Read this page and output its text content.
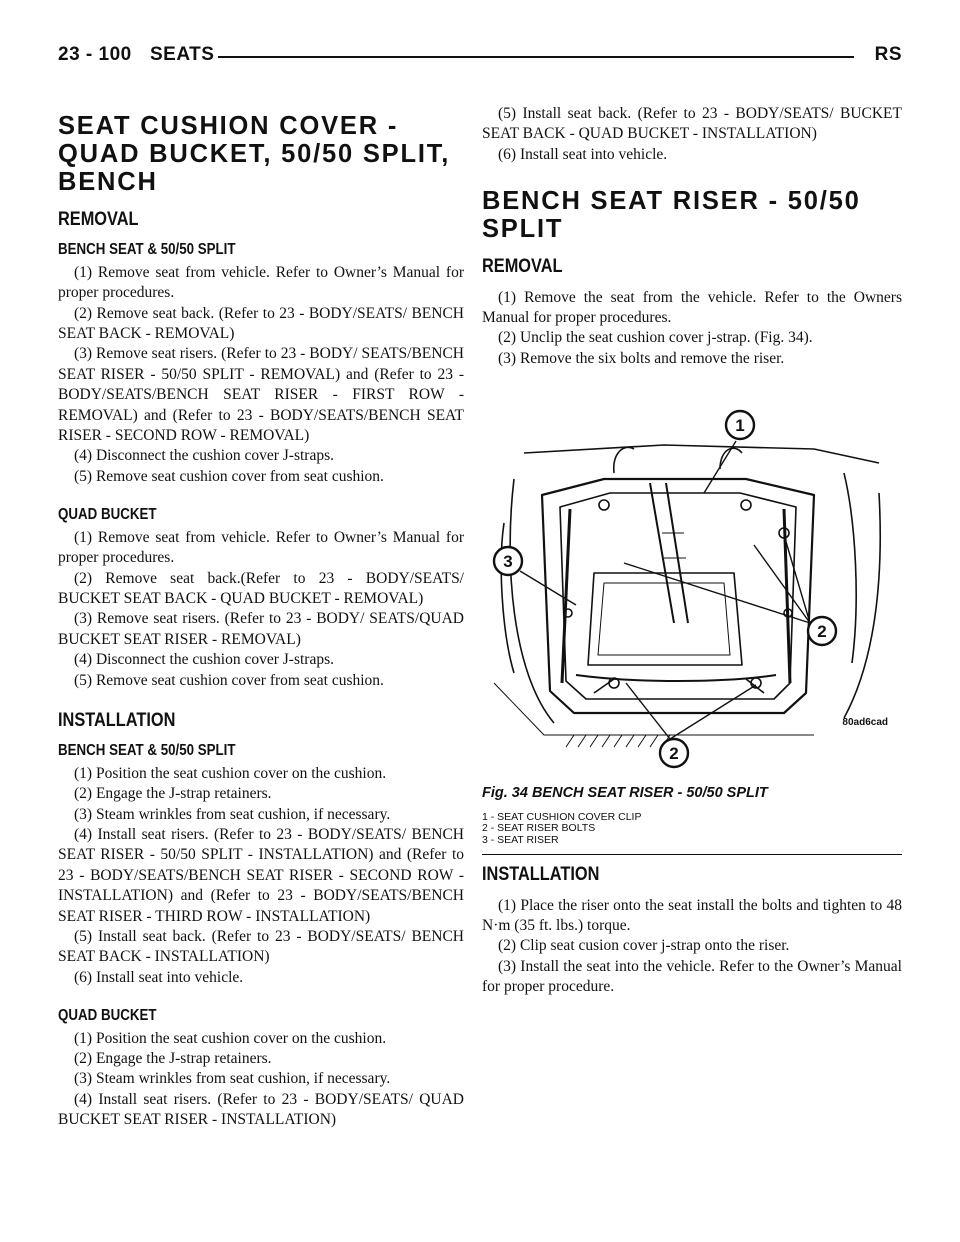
23 - 100 SEATS	RS
SEAT CUSHION COVER - QUAD BUCKET, 50/50 SPLIT, BENCH
REMOVAL
BENCH SEAT & 50/50 SPLIT

(1) Remove seat from vehicle. Refer to Owner’s Manual for proper procedures.

(2) Remove seat back. (Refer to 23 - BODY/SEATS/ BENCH SEAT BACK - REMOVAL)

(3) Remove seat risers. (Refer to 23 - BODY/ SEATS/BENCH SEAT RISER - 50/50 SPLIT - REMOVAL) and (Refer to 23 - BODY/SEATS/BENCH SEAT RISER - FIRST ROW - REMOVAL) and (Refer to 23 - BODY/SEATS/BENCH SEAT RISER - SECOND ROW - REMOVAL)

(4) Disconnect the cushion cover J-straps.

(5) Remove seat cushion cover from seat cushion.

QUAD BUCKET

(1) Remove seat from vehicle. Refer to Owner’s Manual for proper procedures.

(2) Remove seat back.(Refer to 23 - BODY/SEATS/ BUCKET SEAT BACK - QUAD BUCKET - REMOVAL)

(3) Remove seat risers. (Refer to 23 - BODY/ SEATS/QUAD BUCKET SEAT RISER - REMOVAL)

(4) Disconnect the cushion cover J-straps.

(5) Remove seat cushion cover from seat cushion.

INSTALLATION
BENCH SEAT & 50/50 SPLIT

(1) Position the seat cushion cover on the cushion.

(2) Engage the J-strap retainers.

(3) Steam wrinkles from seat cushion, if necessary.

(4) Install seat risers. (Refer to 23 - BODY/SEATS/ BENCH SEAT RISER - 50/50 SPLIT - INSTALLATION) and (Refer to 23 - BODY/SEATS/BENCH SEAT RISER - SECOND ROW - INSTALLATION) and (Refer to 23 - BODY/SEATS/BENCH SEAT RISER - THIRD ROW - INSTALLATION)

(5) Install seat back. (Refer to 23 - BODY/SEATS/ BENCH SEAT BACK - INSTALLATION)

(6) Install seat into vehicle.

QUAD BUCKET

(1) Position the seat cushion cover on the cushion.

(2) Engage the J-strap retainers.

(3) Steam wrinkles from seat cushion, if necessary.

(4) Install seat risers. (Refer to 23 - BODY/SEATS/ QUAD BUCKET SEAT RISER - INSTALLATION)

(5) Install seat back. (Refer to 23 - BODY/SEATS/ BUCKET SEAT BACK - QUAD BUCKET - INSTALLATION)

(6) Install seat into vehicle.

BENCH SEAT RISER - 50/50 SPLIT
REMOVAL

(1) Remove the seat from the vehicle. Refer to the Owners Manual for proper procedures.

(2) Unclip the seat cushion cover j-strap. (Fig. 34).

(3) Remove the six bolts and remove the riser.

1
3
2
2
80ad6cad
Fig. 34 BENCH SEAT RISER - 50/50 SPLIT
1 - SEAT CUSHION COVER CLIP
2 - SEAT RISER BOLTS
3 - SEAT RISER
INSTALLATION

(1) Place the riser onto the seat install the bolts and tighten to 48 N·m (35 ft. lbs.) torque.

(2) Clip seat cusion cover j-strap onto the riser.

(3) Install the seat into the vehicle. Refer to the Owner’s Manual for proper procedure.
